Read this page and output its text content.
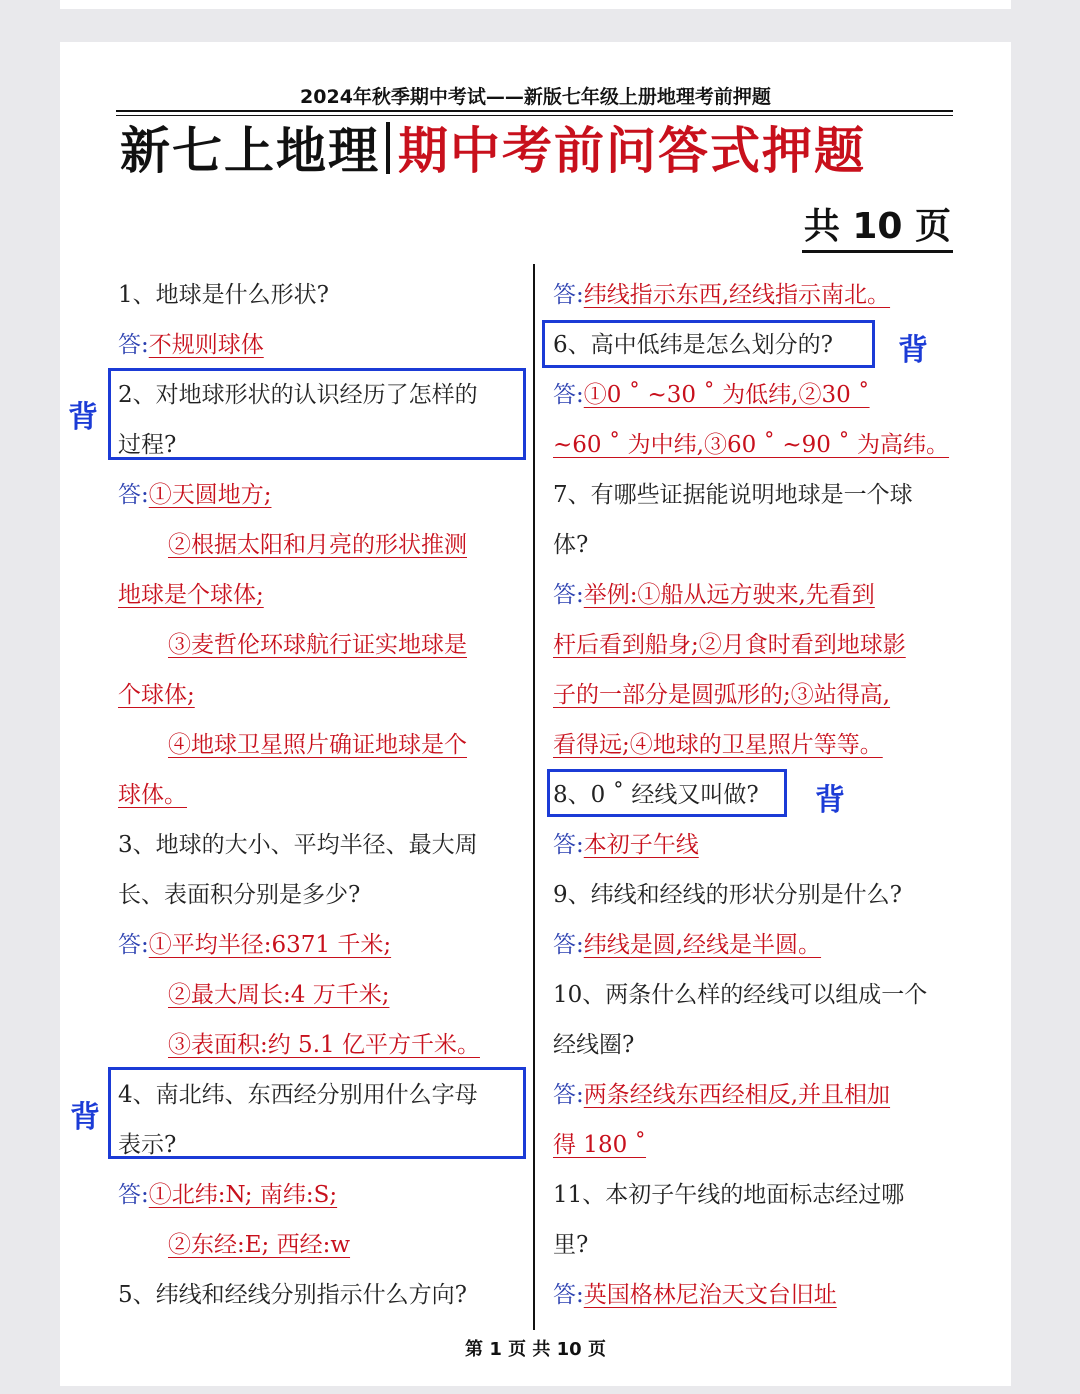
2024年秋季期中考试——新版七年级上册地理考前押题
新七上地理 期中考前问答式押题
共 10 页
1、地球是什么形状?
答:不规则球体
2、对地球形状的认识经历了怎样的
过程?
答:①天圆地方;
②根据太阳和月亮的形状推测
地球是个球体;
③麦哲伦环球航行证实地球是
个球体;
④地球卫星照片确证地球是个
球体。
3、地球的大小、平均半径、最大周
长、表面积分别是多少?
答:①平均半径:6371 千米;
②最大周长:4 万千米;
③表面积:约 5.1 亿平方千米。
4、南北纬、东西经分别用什么字母
表示?
答:①北纬:N; 南纬:S;
②东经:E; 西经:w
5、纬线和经线分别指示什么方向?
答:纬线指示东西,经线指示南北。
6、高中低纬是怎么划分的?
答:①0 ˚ ~30 ˚ 为低纬,②30 ˚
~60 ˚ 为中纬,③60 ˚ ~90 ˚ 为高纬。
7、有哪些证据能说明地球是一个球
体?
答:举例:①船从远方驶来,先看到
杆后看到船身;②月食时看到地球影
子的一部分是圆弧形的;③站得高,
看得远;④地球的卫星照片等等。
8、0 ˚ 经线又叫做?
答:本初子午线
9、纬线和经线的形状分别是什么?
答:纬线是圆,经线是半圆。
10、两条什么样的经线可以组成一个
经线圈?
答:两条经线东西经相反,并且相加
得 180 ˚
11、本初子午线的地面标志经过哪
里?
答:英国格林尼治天文台旧址
背
背
背
背
第 1 页 共 10 页
